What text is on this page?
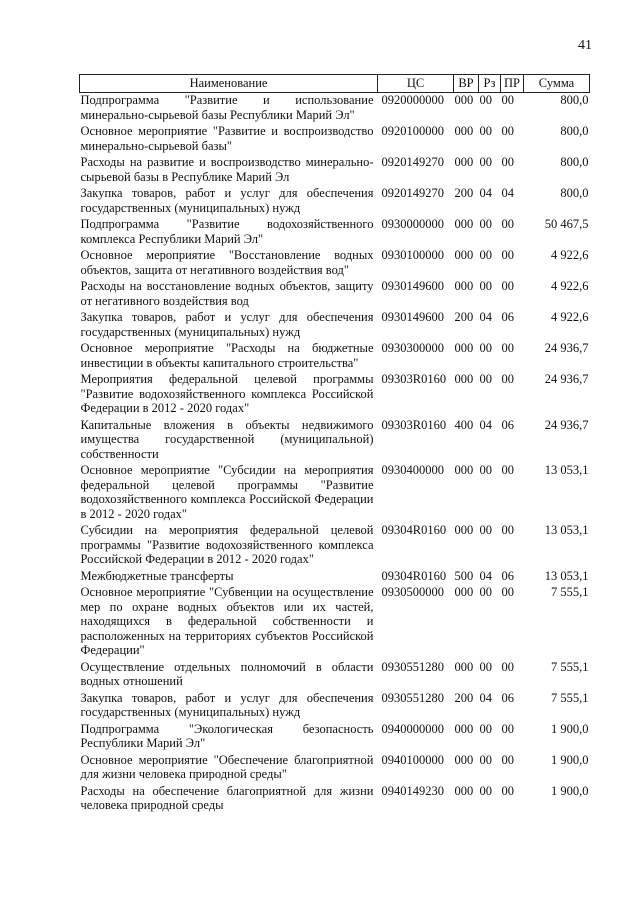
41
Наименование	ЦС	ВР	Рз	ПР	Сумма
Подпрограмма "Развитие и использование минерально-сырьевой базы Республики Марий Эл"	0920000000	000	00	00	800,0
Основное мероприятие "Развитие и воспроизводство минерально-сырьевой базы"	0920100000	000	00	00	800,0
Расходы на развитие и воспроизводство минерально-сырьевой базы в Республике Марий Эл	0920149270	000	00	00	800,0
Закупка товаров, работ и услуг для обеспечения государственных (муниципальных) нужд	0920149270	200	04	04	800,0
Подпрограмма "Развитие водохозяйственного комплекса Республики Марий Эл"	0930000000	000	00	00	50 467,5
Основное мероприятие "Восстановление водных объектов, защита от негативного воздействия вод"	0930100000	000	00	00	4 922,6
Расходы на восстановление водных объектов, защиту от негативного воздействия вод	0930149600	000	00	00	4 922,6
Закупка товаров, работ и услуг для обеспечения государственных (муниципальных) нужд	0930149600	200	04	06	4 922,6
Основное мероприятие "Расходы на бюджетные инвестиции в объекты капитального строительства"	0930300000	000	00	00	24 936,7
Мероприятия федеральной целевой программы "Развитие водохозяйственного комплекса Российской Федерации в 2012 - 2020 годах"	09303R0160	000	00	00	24 936,7
Капитальные вложения в объекты недвижимого имущества государственной (муниципальной) собственности	09303R0160	400	04	06	24 936,7
Основное мероприятие "Субсидии на мероприятия федеральной целевой программы "Развитие водохозяйственного комплекса Российской Федерации в 2012 - 2020 годах"	0930400000	000	00	00	13 053,1
Субсидии на мероприятия федеральной целевой программы "Развитие водохозяйственного комплекса Российской Федерации в 2012 - 2020 годах"	09304R0160	000	00	00	13 053,1
Межбюджетные трансферты	09304R0160	500	04	06	13 053,1
Основное мероприятие "Субвенции на осуществление мер по охране водных объектов или их частей, находящихся в федеральной собственности и расположенных на территориях субъектов Российской Федерации"	0930500000	000	00	00	7 555,1
Осуществление отдельных полномочий в области водных отношений	0930551280	000	00	00	7 555,1
Закупка товаров, работ и услуг для обеспечения государственных (муниципальных) нужд	0930551280	200	04	06	7 555,1
Подпрограмма "Экологическая безопасность Республики Марий Эл"	0940000000	000	00	00	1 900,0
Основное мероприятие "Обеспечение благоприятной для жизни человека природной среды"	0940100000	000	00	00	1 900,0
Расходы на обеспечение благоприятной для жизни человека природной среды	0940149230	000	00	00	1 900,0
